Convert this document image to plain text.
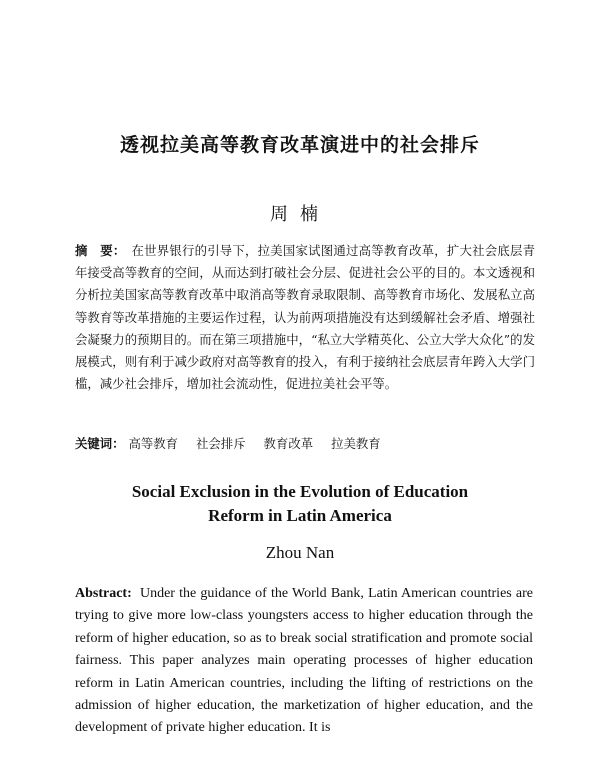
透视拉美高等教育改革演进中的社会排斥
周楠
摘　要： 在世界银行的引导下，拉美国家试图通过高等教育改革，扩大社会底层青年接受高等教育的空间，从而达到打破社会分层、促进社会公平的目的。本文透视和分析拉美国家高等教育改革中取消高等教育录取限制、高等教育市场化、发展私立高等教育等改革措施的主要运作过程，认为前两项措施没有达到缓解社会矛盾、增强社会凝聚力的预期目的。而在第三项措施中，“私立大学精英化、公立大学大众化”的发展模式，则有利于减少政府对高等教育的投入，有利于接纳社会底层青年跨入大学门槛，减少社会排斥，增加社会流动性，促进拉美社会平等。
关键词： 高等教育 社会排斥 教育改革 拉美教育
Social Exclusion in the Evolution of Education
Reform in Latin America
Zhou Nan
Abstract: Under the guidance of the World Bank, Latin American countries are trying to give more low-class youngsters access to higher education through the reform of higher education, so as to break social stratification and promote social fairness. This paper analyzes main operating processes of higher education reform in Latin American countries, including the lifting of restrictions on the admission of higher education, the marketization of higher education, and the development of private higher education. It is
